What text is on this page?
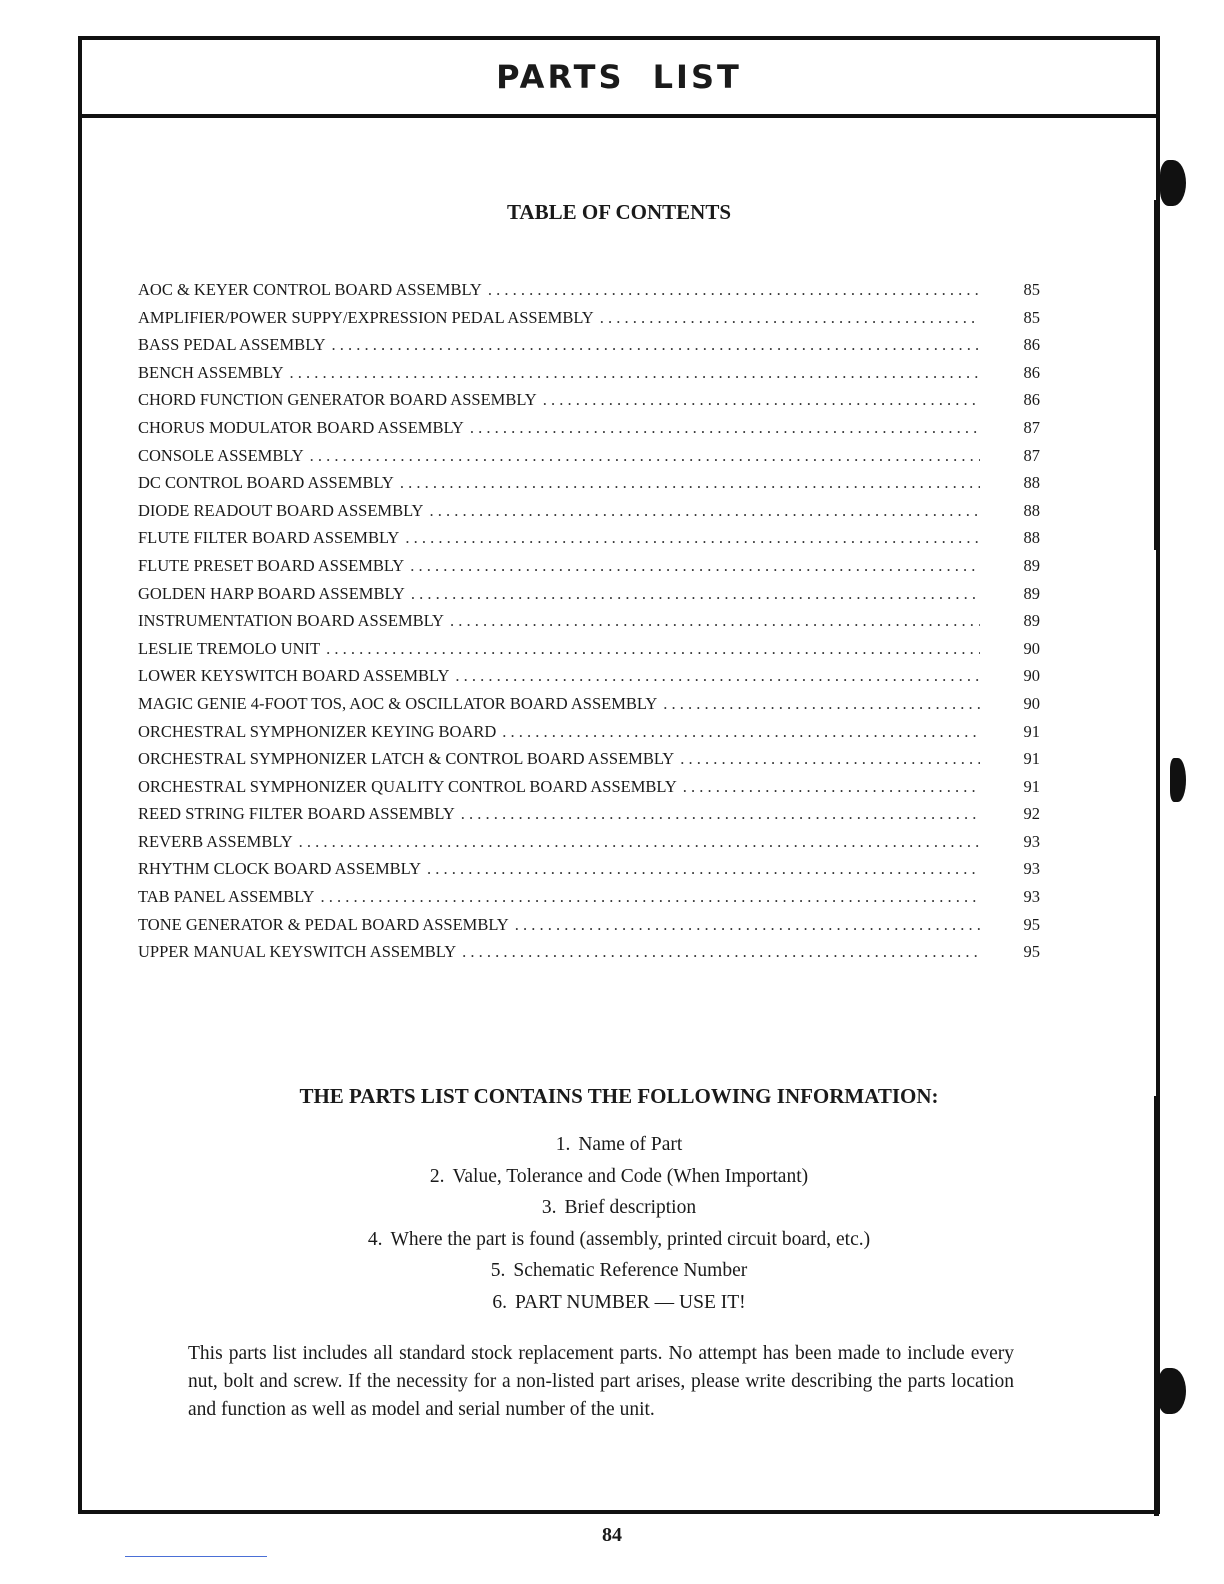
PARTS LIST
TABLE OF CONTENTS
AOC & KEYER CONTROL BOARD ASSEMBLY . . .	85
AMPLIFIER/POWER SUPPY/EXPRESSION PEDAL ASSEMBLY . . .	85
BASS PEDAL ASSEMBLY . . .	86
BENCH ASSEMBLY . . .	86
CHORD FUNCTION GENERATOR BOARD ASSEMBLY . . .	86
CHORUS MODULATOR BOARD ASSEMBLY . . .	87
CONSOLE ASSEMBLY . . .	87
DC CONTROL BOARD ASSEMBLY . . .	88
DIODE READOUT BOARD ASSEMBLY . . .	88
FLUTE FILTER BOARD ASSEMBLY . . .	88
FLUTE PRESET BOARD ASSEMBLY . . .	89
GOLDEN HARP BOARD ASSEMBLY . . .	89
INSTRUMENTATION BOARD ASSEMBLY . . .	89
LESLIE TREMOLO UNIT . . .	90
LOWER KEYSWITCH BOARD ASSEMBLY . . .	90
MAGIC GENIE 4-FOOT TOS, AOC & OSCILLATOR BOARD ASSEMBLY . . .	90
ORCHESTRAL SYMPHONIZER KEYING BOARD . . .	91
ORCHESTRAL SYMPHONIZER LATCH & CONTROL BOARD ASSEMBLY . . .	91
ORCHESTRAL SYMPHONIZER QUALITY CONTROL BOARD ASSEMBLY . . .	91
REED STRING FILTER BOARD ASSEMBLY . . .	92
REVERB ASSEMBLY . . .	93
RHYTHM CLOCK BOARD ASSEMBLY . . .	93
TAB PANEL ASSEMBLY . . .	93
TONE GENERATOR & PEDAL BOARD ASSEMBLY . . .	95
UPPER MANUAL KEYSWITCH ASSEMBLY . . .	95
THE PARTS LIST CONTAINS THE FOLLOWING INFORMATION:
1. Name of Part
2. Value, Tolerance and Code (When Important)
3. Brief description
4. Where the part is found (assembly, printed circuit board, etc.)
5. Schematic Reference Number
6. PART NUMBER — USE IT!

This parts list includes all standard stock replacement parts. No attempt has been made to include every nut, bolt and screw. If the necessity for a non-listed part arises, please write describing the parts location and function as well as model and serial number of the unit.

84
